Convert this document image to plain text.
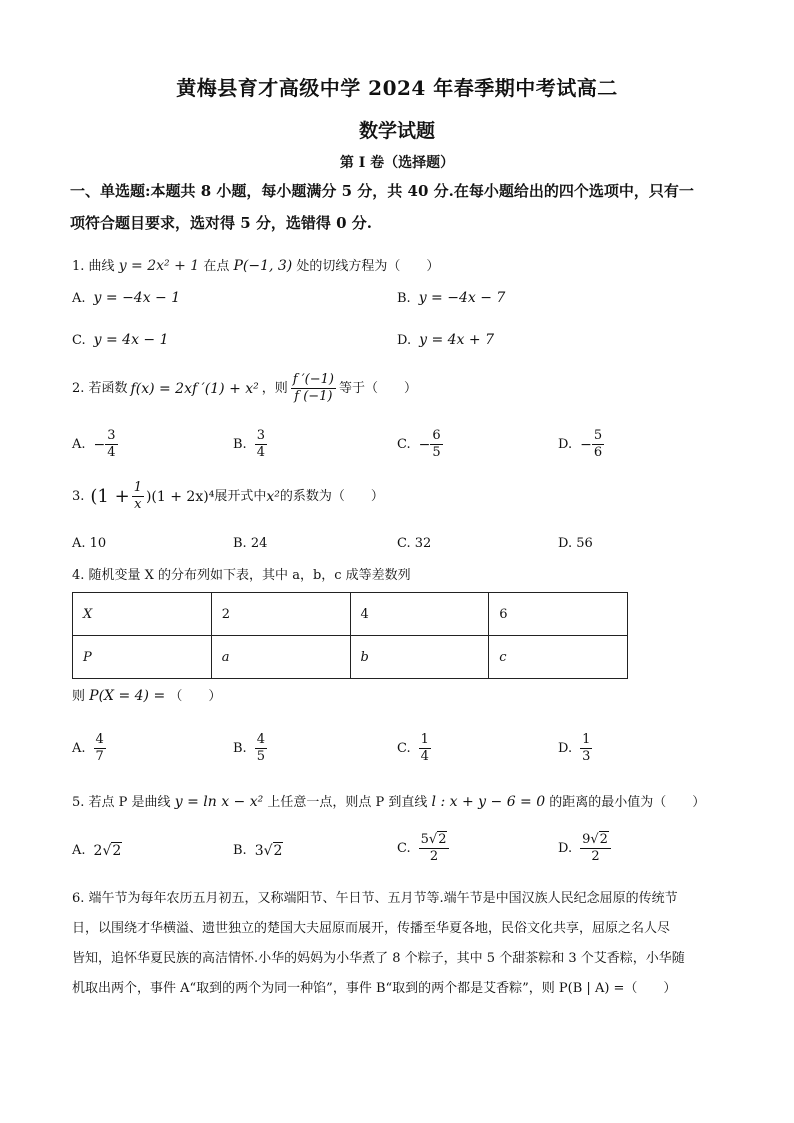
黄梅县育才高级中学 2024 年春季期中考试高二
数学试题
第 I 卷（选择题）
一、单选题:本题共 8 小题，每小题满分 5 分，共 40 分.在每小题给出的四个选项中，只有一
项符合题目要求，选对得 5 分，选错得 0 分.
1. 曲线 y = 2x² + 1 在点 P(−1, 3) 处的切线方程为（　　）
A. y = −4x − 1	B. y = −4x − 7
C. y = 4x − 1	D. y = 4x + 7
2. 若函数 f(x) = 2xf ′(1) + x² ，则 $\frac{f '(-1)}{f (-1)}$ 等于（　　）
A. − $\frac{3}{4}$	B. $\frac{3}{4}$	C. − $\frac{6}{5}$	D. − $\frac{5}{6}$
3. $(1 + \frac{1}{x} )(1 + 2x)^4$ 展开式中 x² 的系数为（　　）
A. 10	B. 24	C. 32	D. 56
4. 随机变量 X 的分布列如下表，其中 a，b，c 成等差数列
X	2	4	6
P	a	b	c
则 P(X = 4) = （　　）
A. $\frac{4}{7}$	B. $\frac{4}{5}$	C. $\frac{1}{4}$	D. $\frac{1}{3}$
5. 若点 P 是曲线 y = ln x − x² 上任意一点，则点 P 到直线 l : x + y − 6 = 0 的距离的最小值为（　　）
A. 2 √ 2	B. 3 √ 2	C. $\frac{5√2}{2}$	D. $\frac{9√2}{2}$
6. 端午节为每年农历五月初五，又称端阳节、午日节、五月节等.端午节是中国汉族人民纪念屈原的传统节
日，以围绕才华横溢、遗世独立的楚国大夫屈原而展开，传播至华夏各地，民俗文化共享，屈原之名人尽
皆知，追怀华夏民族的高洁情怀.小华的妈妈为小华煮了 8 个粽子，其中 5 个甜茶粽和 3 个艾香粽，小华随
机取出两个，事件 A“取到的两个为同一种馅”，事件 B“取到的两个都是艾香粽”，则 P(B | A) =（　　）
